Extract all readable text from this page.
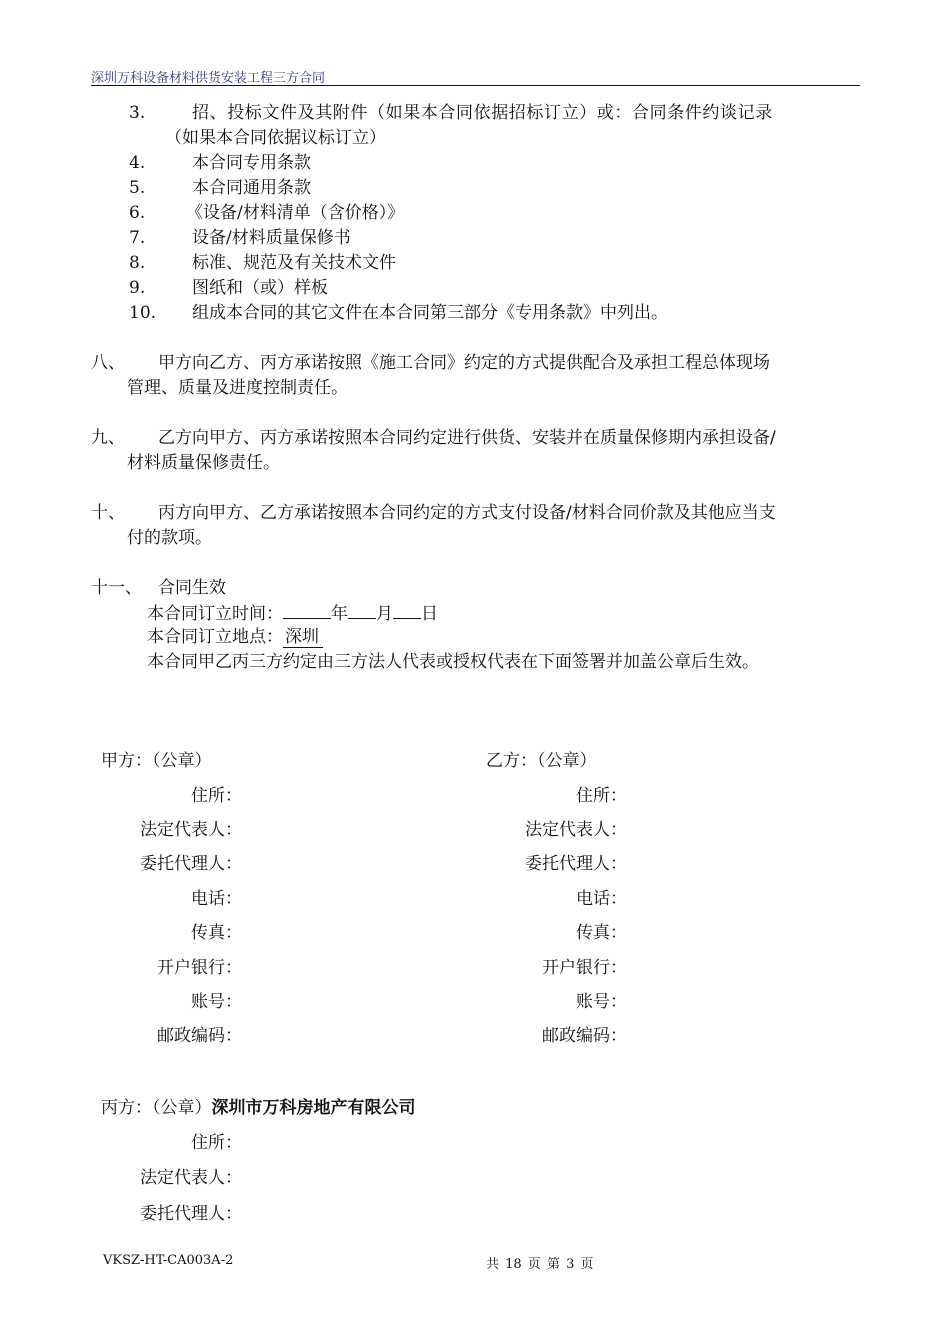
深圳万科设备材料供货安装工程三方合同
3.	招、投标文件及其附件（如果本合同依据招标订立）或：合同条件约谈记录
（如果本合同依据议标订立）
4.	本合同专用条款
5.	本合同通用条款
6. 《设备/材料清单（含价格）》
7.	设备/材料质量保修书
8.	标准、规范及有关技术文件
9.	图纸和（或）样板
10. 组成本合同的其它文件在本合同第三部分《专用条款》中列出。
八、 甲方向乙方、丙方承诺按照《施工合同》约定的方式提供配合及承担工程总体现场
管理、质量及进度控制责任。
九、 乙方向甲方、丙方承诺按照本合同约定进行供货、安装并在质量保修期内承担设备/
材料质量保修责任。
十、 丙方向甲方、乙方承诺按照本合同约定的方式支付设备/材料合同价款及其他应当支
付的款项。
十一、 合同生效
本合同订立时间：	年 月 日
本合同订立地点： 深圳
本合同甲乙丙三方约定由三方法人代表或授权代表在下面签署并加盖公章后生效。
甲方：（公章）
住所：
法定代表人：
委托代理人：
电话：
传真：
开户银行：
账号：
邮政编码：
乙方：（公章）
住所：
法定代表人：
委托代理人：
电话：
传真：
开户银行：
账号：
邮政编码：
丙方：（公章）深圳市万科房地产有限公司
住所：
法定代表人：
委托代理人：
VKSZ-HT-CA003A-2	共 18 页 第 3 页
